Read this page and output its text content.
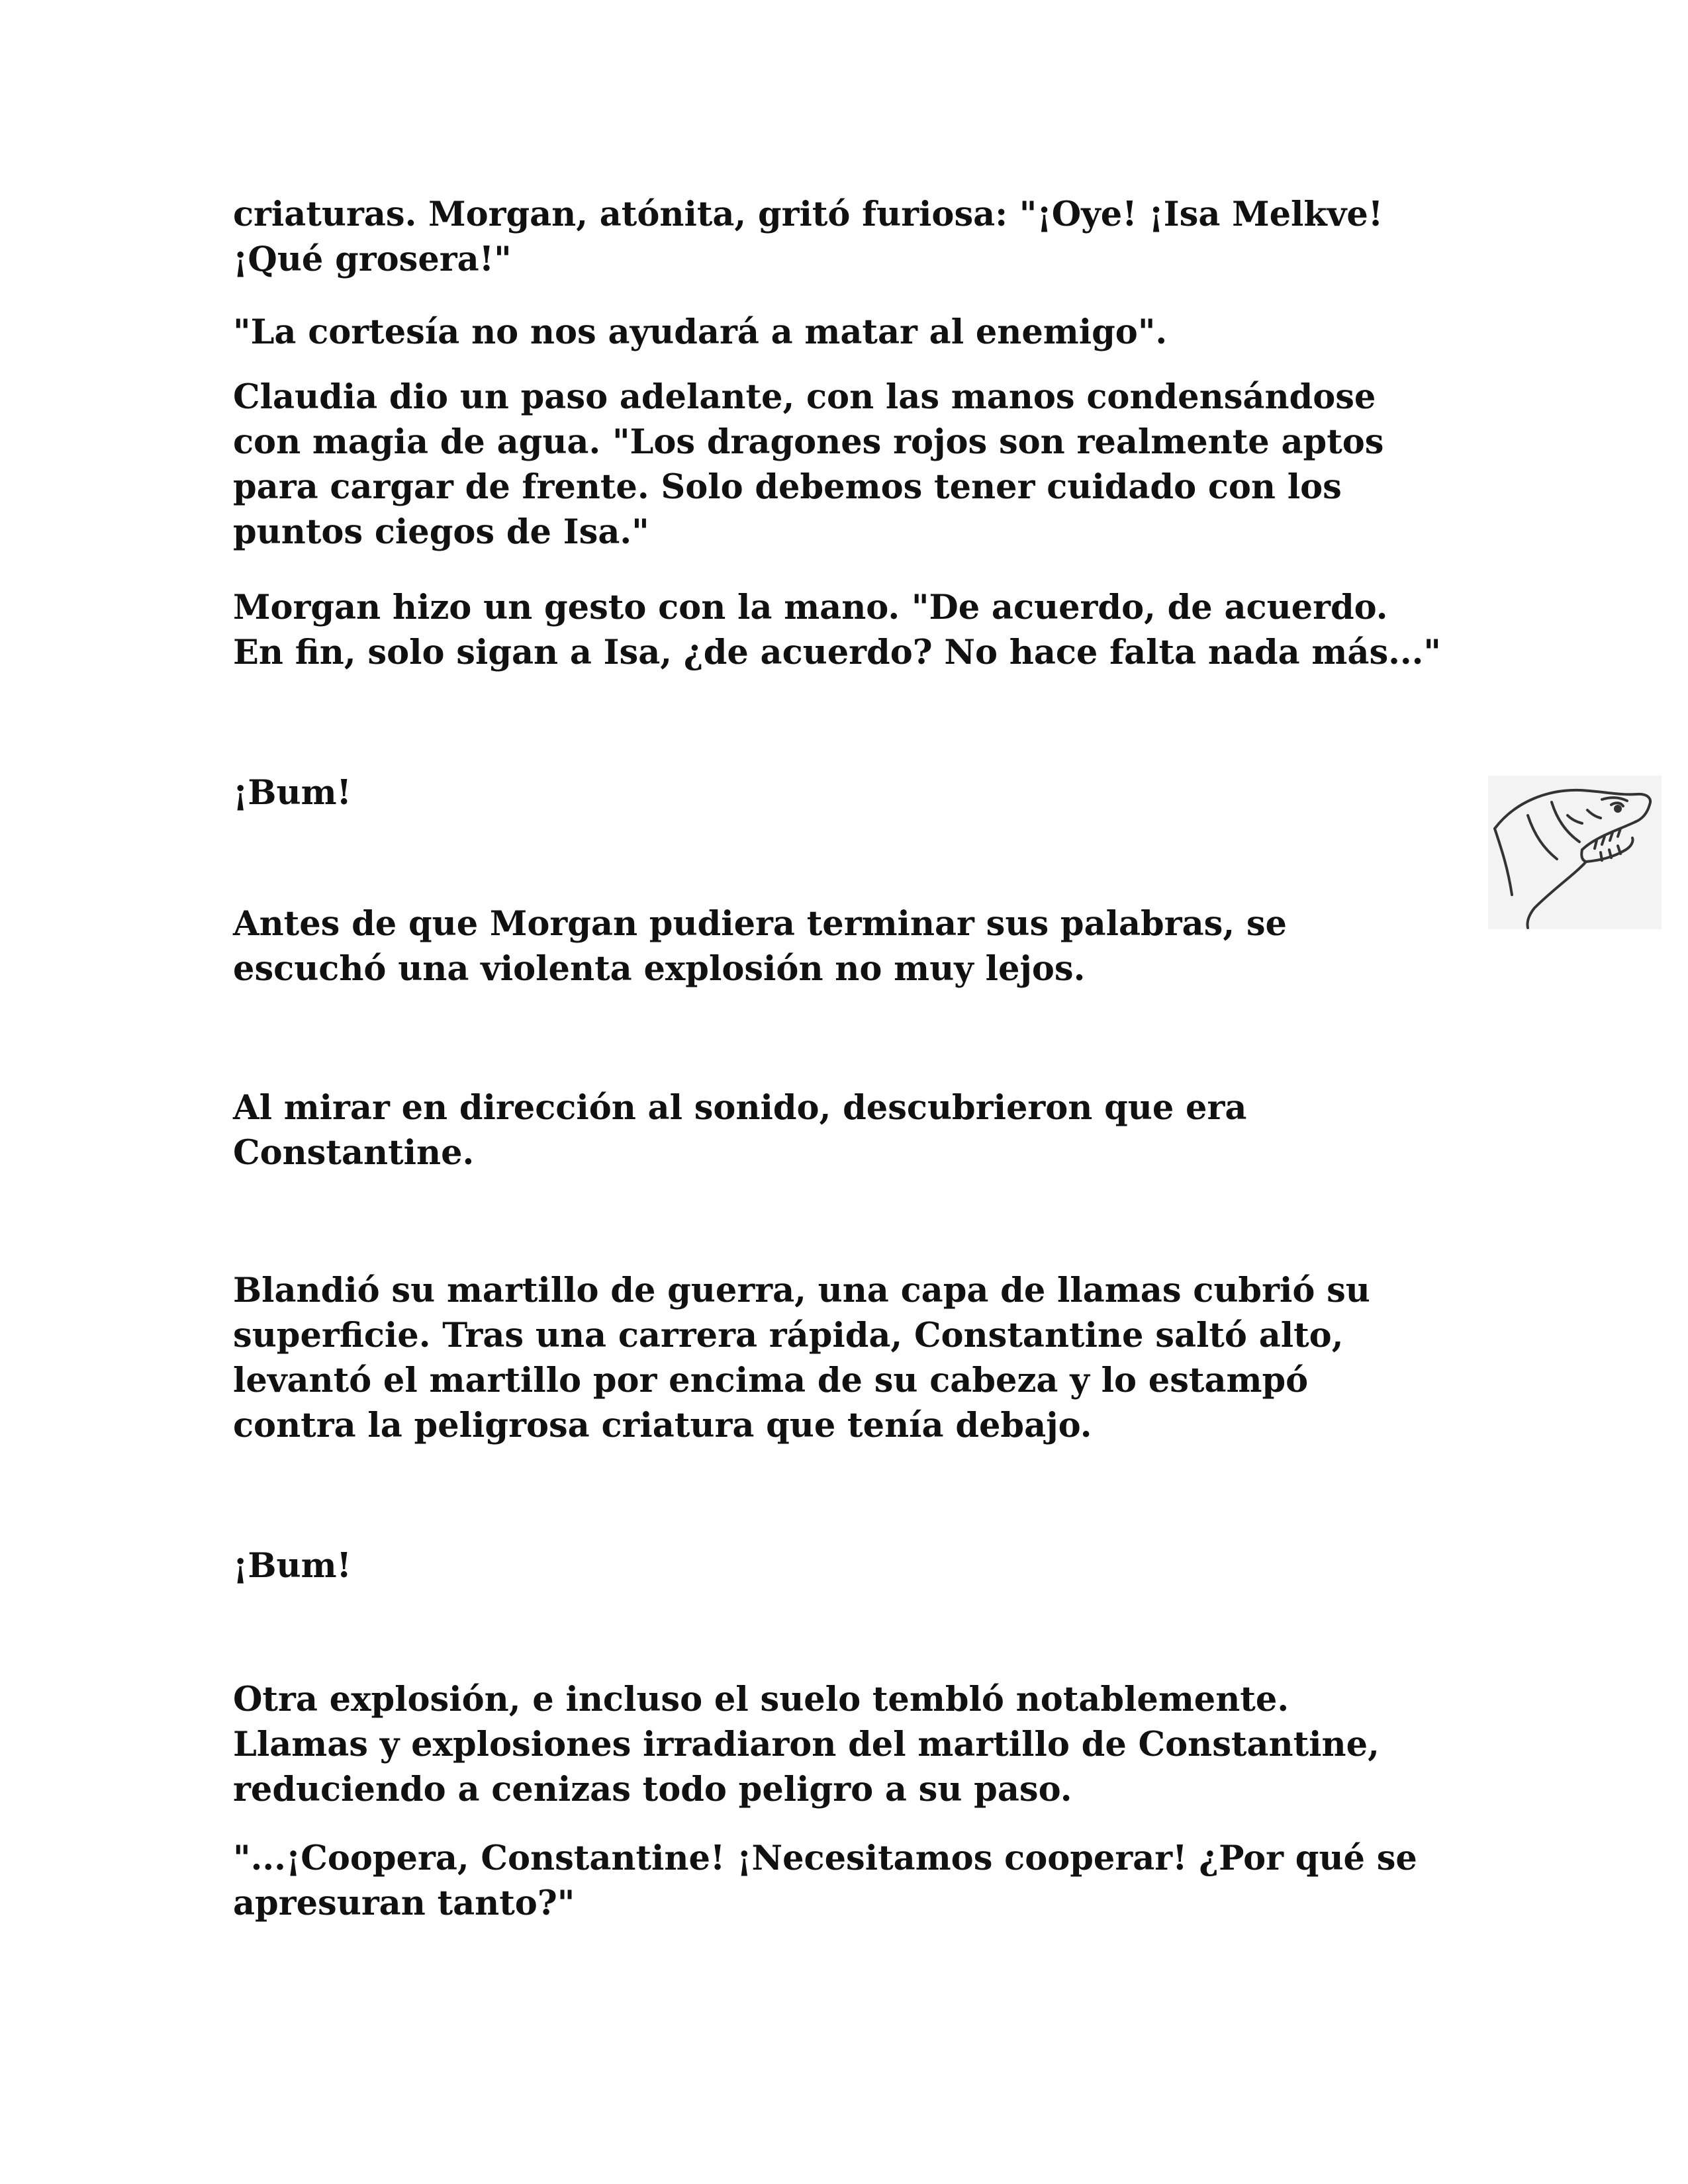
criaturas. Morgan, atónita, gritó furiosa: "¡Oye! ¡Isa Melkve!
¡Qué grosera!"

"La cortesía no nos ayudará a matar al enemigo".

Claudia dio un paso adelante, con las manos condensándose
con magia de agua. "Los dragones rojos son realmente aptos
para cargar de frente. Solo debemos tener cuidado con los
puntos ciegos de Isa."

Morgan hizo un gesto con la mano. "De acuerdo, de acuerdo.
En fin, solo sigan a Isa, ¿de acuerdo? No hace falta nada más..."

¡Bum!

Antes de que Morgan pudiera terminar sus palabras, se
escuchó una violenta explosión no muy lejos.

Al mirar en dirección al sonido, descubrieron que era
Constantine.

Blandió su martillo de guerra, una capa de llamas cubrió su
superficie. Tras una carrera rápida, Constantine saltó alto,
levantó el martillo por encima de su cabeza y lo estampó
contra la peligrosa criatura que tenía debajo.

¡Bum!

Otra explosión, e incluso el suelo tembló notablemente.
Llamas y explosiones irradiaron del martillo de Constantine,
reduciendo a cenizas todo peligro a su paso.

"...¡Coopera, Constantine! ¡Necesitamos cooperar! ¿Por qué se
apresuran tanto?"
